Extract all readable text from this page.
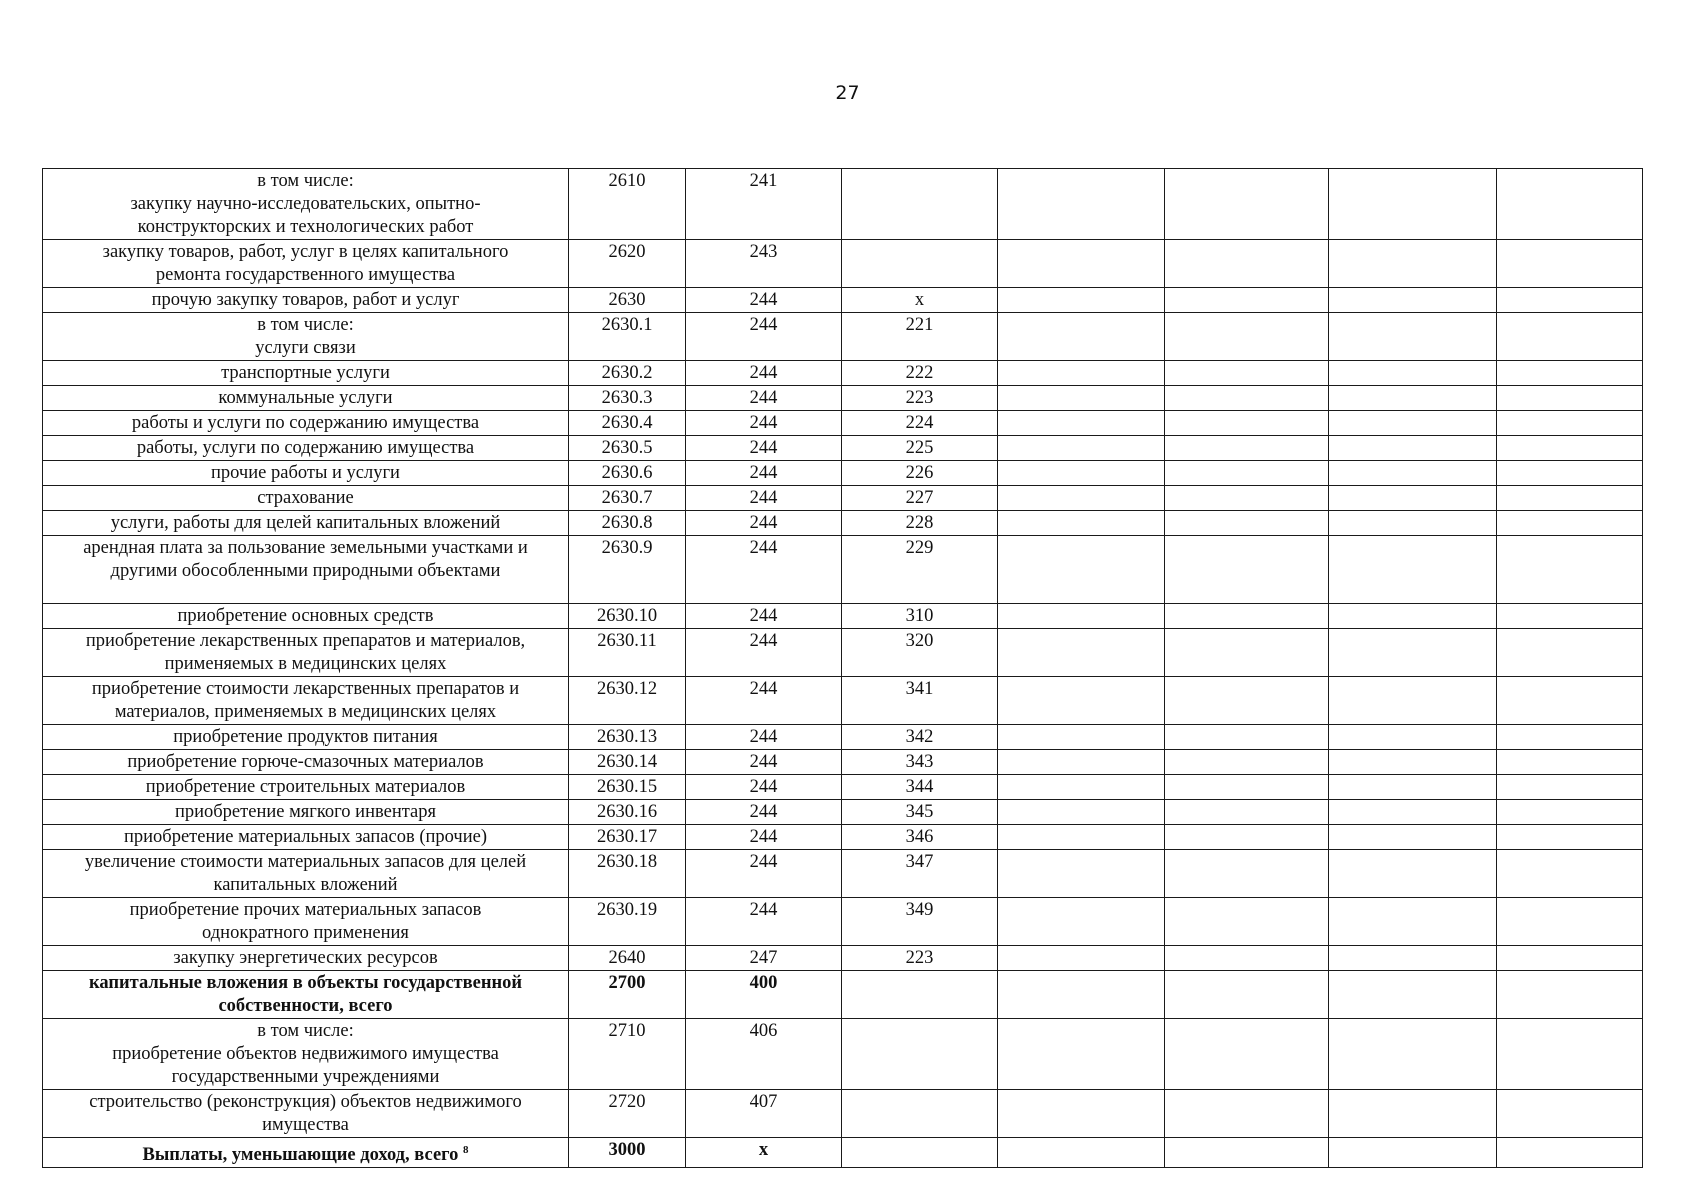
27
в том числе:
закупку научно-исследовательских, опытно-
конструкторских и технологических работ	2610	241					

закупку товаров, работ, услуг в целях капитального
ремонта государственного имущества	2620	243					

прочую закупку товаров, работ и услуг	2630	244	х				

в том числе:
услуги связи	2630.1	244	221				

транспортные услуги	2630.2	244	222				

коммунальные услуги	2630.3	244	223				

работы и услуги по содержанию имущества	2630.4	244	224				

работы, услуги по содержанию имущества	2630.5	244	225				

прочие работы и услуги	2630.6	244	226				

страхование	2630.7	244	227				

услуги, работы для целей капитальных вложений	2630.8	244	228				

арендная плата за пользование земельными участками и
другими обособленными природными объектами	2630.9	244	229				

приобретение основных средств	2630.10	244	310				

приобретение лекарственных препаратов и материалов,
применяемых в медицинских целях	2630.11	244	320				

приобретение стоимости лекарственных препаратов и
материалов, применяемых в медицинских целях	2630.12	244	341				

приобретение продуктов питания	2630.13	244	342				

приобретение горюче-смазочных материалов	2630.14	244	343				

приобретение строительных материалов	2630.15	244	344				

приобретение мягкого инвентаря	2630.16	244	345				

приобретение материальных запасов (прочие)	2630.17	244	346				

увеличение стоимости материальных запасов для целей
капитальных вложений	2630.18	244	347				

приобретение прочих материальных запасов
однократного применения	2630.19	244	349				

закупку энергетических ресурсов	2640	247	223				

капитальные вложения в объекты государственной
собственности, всего	2700	400					

в том числе:
приобретение объектов недвижимого имущества
государственными учреждениями	2710	406					

строительство (реконструкция) объектов недвижимого
имущества	2720	407					
Выплаты, уменьшающие доход, всего $^8$	3000	х					
